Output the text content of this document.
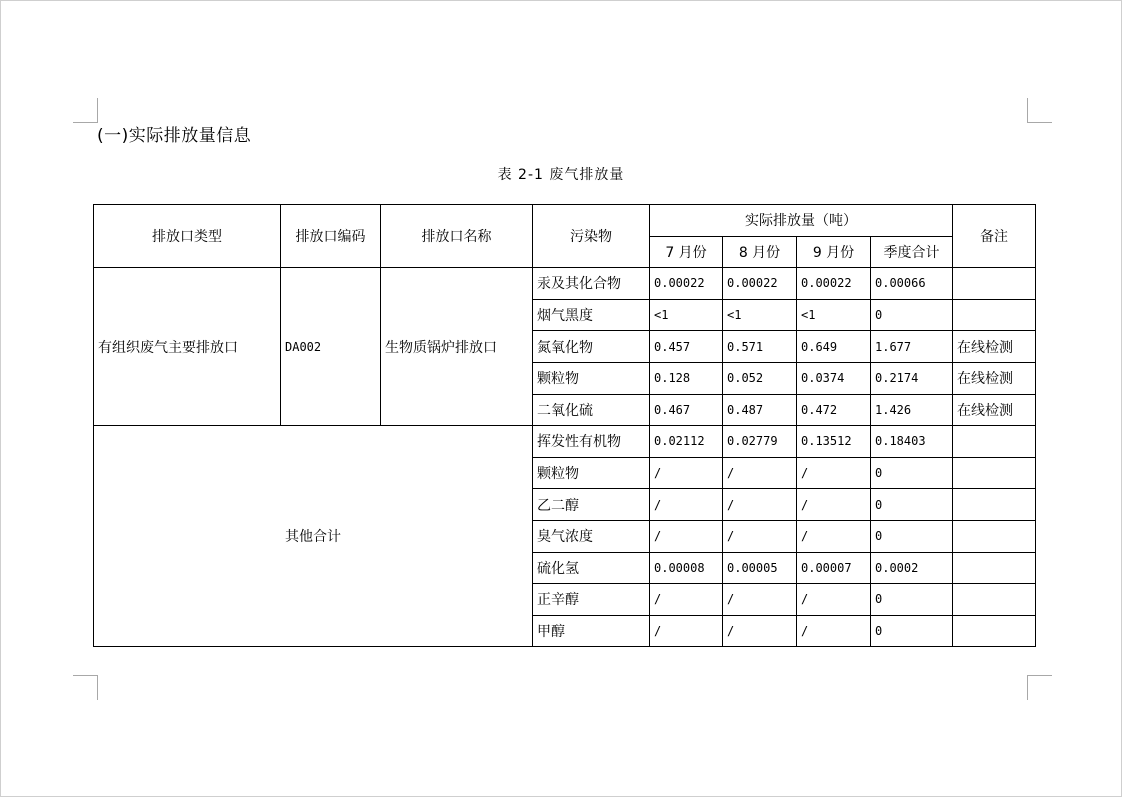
(一)实际排放量信息
表 2-1 废气排放量
排放口类型	排放口编码	排放口名称	污染物	实际排放量（吨）				备注
				7 月份	8 月份	9 月份	季度合计	
有组织废气主要排放口	DA002	生物质锅炉排放口	汞及其化合物	0.00022	0.00022	0.00022	0.00066	
			烟气黑度	<1	<1	<1	0	
			氮氧化物	0.457	0.571	0.649	1.677	在线检测
			颗粒物	0.128	0.052	0.0374	0.2174	在线检测
			二氧化硫	0.467	0.487	0.472	1.426	在线检测
其他合计			挥发性有机物	0.02112	0.02779	0.13512	0.18403	
			颗粒物	/	/	/	0	
			乙二醇	/	/	/	0	
			臭气浓度	/	/	/	0	
			硫化氢	0.00008	0.00005	0.00007	0.0002	
			正辛醇	/	/	/	0	
			甲醇	/	/	/	0	
